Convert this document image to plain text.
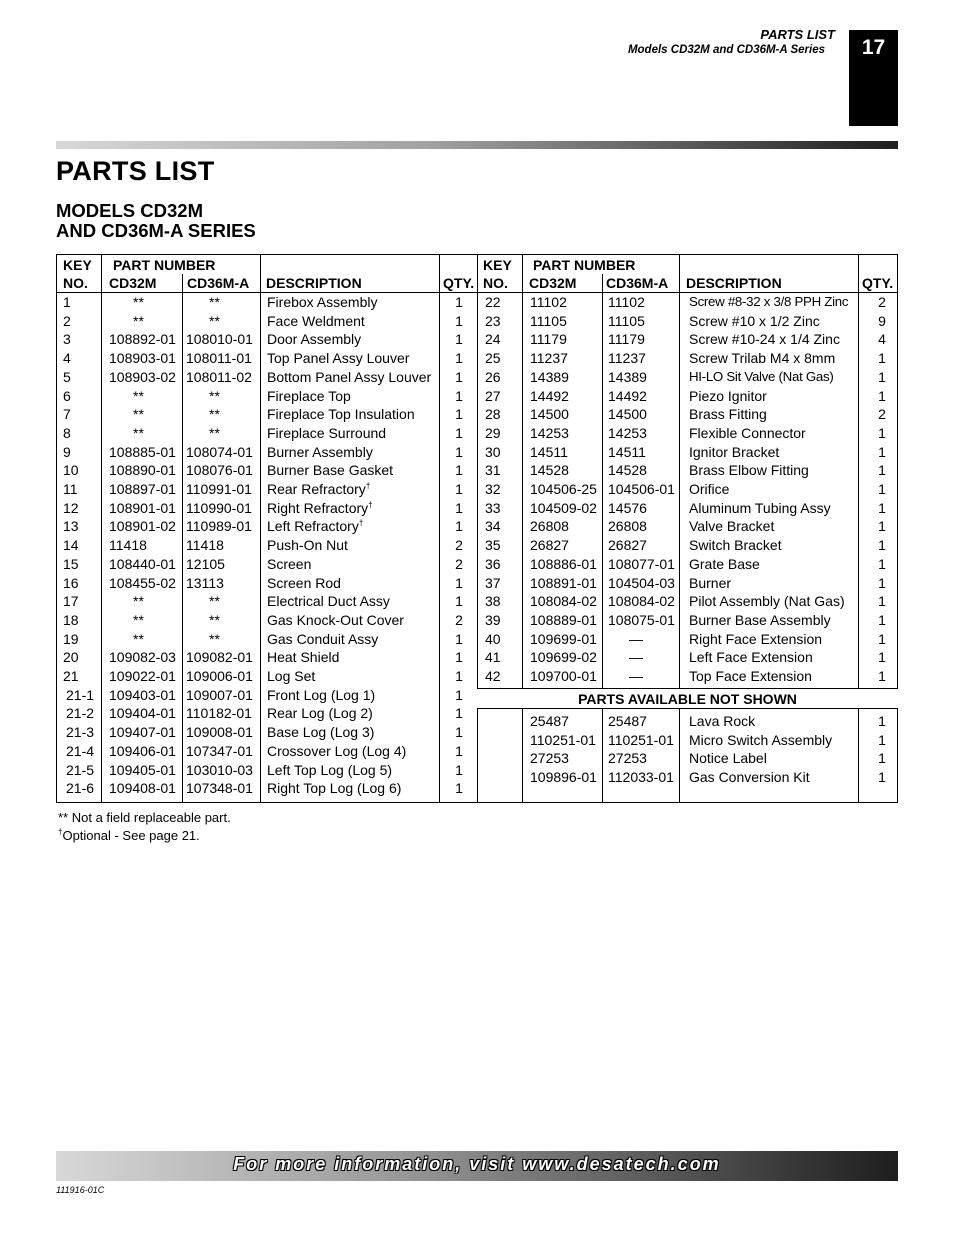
PARTS LIST
Models CD32M and CD36M-A Series	17
PARTS LIST
MODELS CD32M
AND CD36M-A SERIES
KEY
NO.
PART NUMBER
CD32M CD36M-A DESCRIPTION	QTY.
KEY
NO.
PART NUMBER
CD32M CD36M-A DESCRIPTION	QTY.
1	**	**	Firebox Assembly	1
2	**	**	Face Weldment	1
3	108892-01 108010-01 Door Assembly	1
4	108903-01 108011-01 Top Panel Assy Louver	1
5	108903-02 108011-02 Bottom Panel Assy Louver	1
6	**	**	Fireplace Top	1
7	**	**	Fireplace Top Insulation	1
8	**	**	Fireplace Surround	1
9	108885-01 108074-01 Burner Assembly	1
10 108890-01 108076-01 Burner Base Gasket	1
11 108897-01 110991-01 Rear Refractory†	1
12 108901-01 110990-01 Right Refractory†	1
13 108901-02 110989-01 Left Refractory†	1
14 11418	11418	Push-On Nut	2
15 108440-01 12105	Screen	2
16 108455-02 13113	Screen Rod	1
17	**	**	Electrical Duct Assy	1
18	**	**	Gas Knock-Out Cover	2
19	**	**	Gas Conduit Assy	1
20 109082-03 109082-01 Heat Shield	1
21 109022-01 109006-01 Log Set	1
21-1 109403-01 109007-01 Front Log (Log 1)	1
21-2 109404-01 110182-01 Rear Log (Log 2)	1
21-3 109407-01 109008-01 Base Log (Log 3)	1
21-4 109406-01 107347-01 Crossover Log (Log 4)	1
21-5 109405-01 103010-03 Left Top Log (Log 5)	1
21-6 109408-01 107348-01 Right Top Log (Log 6)	1
22 11102	11102	Screw #8-32 x 3/8 PPH Zinc	2
23 11105	11105	Screw #10 x 1/2 Zinc	9
24 11179	11179	Screw #10-24 x 1/4 Zinc	4
25 11237	11237	Screw Trilab M4 x 8mm	1
26 14389	14389	HI-LO Sit Valve (Nat Gas)	1
27 14492	14492	Piezo Ignitor	1
28 14500	14500	Brass Fitting	2
29 14253	14253	Flexible Connector	1
30 14511	14511	Ignitor Bracket	1
31 14528	14528	Brass Elbow Fitting	1
32 104506-25 104506-01 Orifice	1
33 104509-02 14576	Aluminum Tubing Assy	1
34 26808	26808	Valve Bracket	1
35 26827	26827	Switch Bracket	1
36 108886-01 108077-01 Grate Base	1
37 108891-01 104504-03 Burner	1
38 108084-02 108084-02 Pilot Assembly (Nat Gas)	1
39 108889-01 108075-01 Burner Base Assembly	1
40 109699-01 —	Right Face Extension	1
41 109699-02 —	Left Face Extension	1
42 109700-01 —	Top Face Extension	1
PARTS AVAILABLE NOT SHOWN
25487	25487	Lava Rock	1
110251-01 110251-01 Micro Switch Assembly	1
27253	27253	Notice Label	1
109896-01 112033-01 Gas Conversion Kit	1
** Not a field replaceable part.
†Optional - See page 21.
For more information, visit www.desatech.com
111916-01C
